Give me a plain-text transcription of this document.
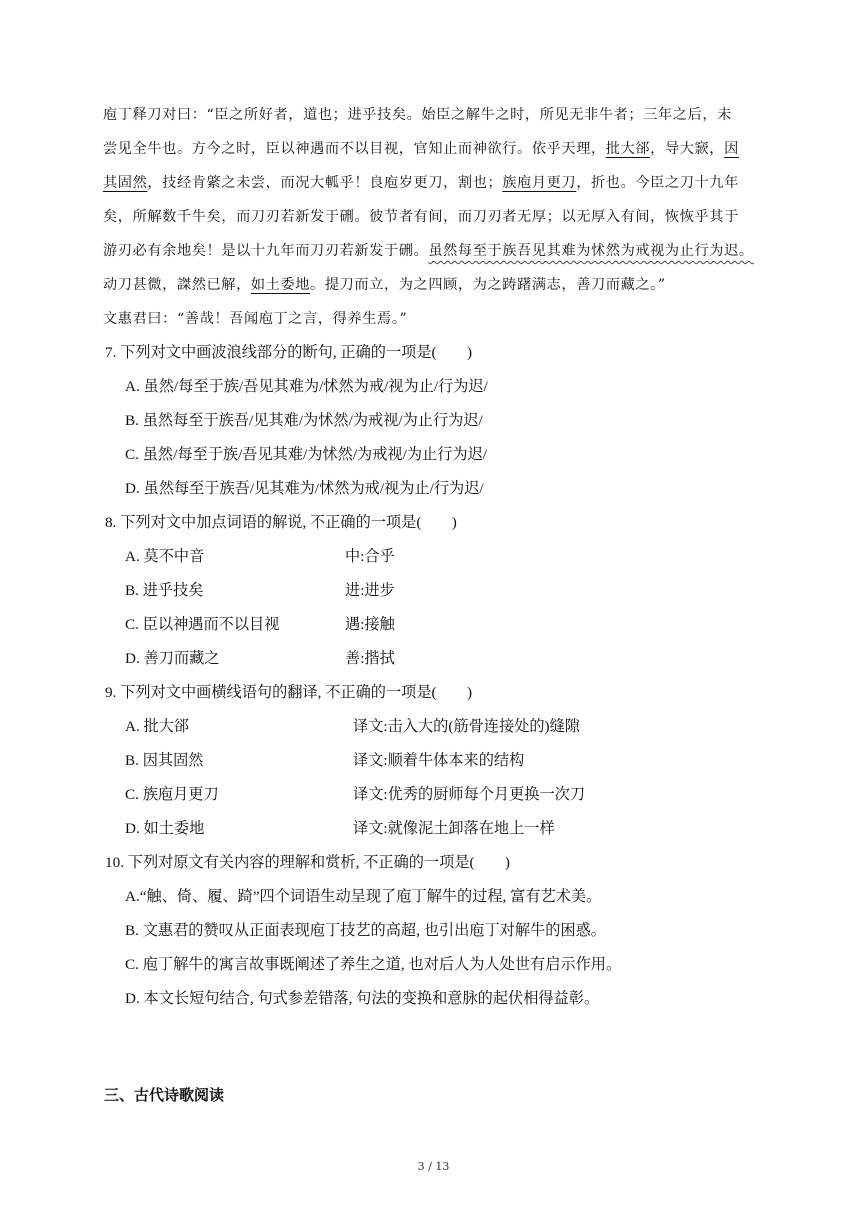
庖丁释刀对曰：“臣之所好者，道也；进乎技矣。始臣之解牛之时，所见无非牛者；三年之后，未

尝见全牛也。方今之时，臣以神遇而不以目视，官知止而神欲行。依乎天理，批大郤，导大窾，因

其固然，技经肯綮之未尝，而况大軱乎！良庖岁更刀，割也；族庖月更刀，折也。今臣之刀十九年

矣，所解数千牛矣，而刀刃若新发于硎。彼节者有间，而刀刃者无厚；以无厚入有间，恢恢乎其于

游刃必有余地矣！是以十九年而刀刃若新发于硎。虽然每至于族吾见其难为怵然为戒视为止行为迟。

动刀甚微，謋然已解，如土委地。提刀而立，为之四顾，为之踌躇满志，善刀而藏之。”

文惠君曰：“善哉！吾闻庖丁之言，得养生焉。”

7. 下列对文中画波浪线部分的断句, 正确的一项是(　　)
A. 虽然/每至于族/吾见其难为/怵然为戒/视为止/行为迟/
B. 虽然每至于族吾/见其难/为怵然/为戒视/为止行为迟/
C. 虽然/每至于族/吾见其难/为怵然/为戒视/为止行为迟/
D. 虽然每至于族吾/见其难为/怵然为戒/视为止/行为迟/
8. 下列对文中加点词语的解说, 不正确的一项是(　　)
A. 莫不中音	中:合乎
B. 进乎技矣	进:进步
C. 臣以神遇而不以目视	遇:接触
D. 善刀而藏之	善:揩拭
9. 下列对文中画横线语句的翻译, 不正确的一项是(　　)
A. 批大郤	译文:击入大的(筋骨连接处的)缝隙
B. 因其固然	译文:顺着牛体本来的结构
C. 族庖月更刀	译文:优秀的厨师每个月更换一次刀
D. 如土委地	译文:就像泥土卸落在地上一样
10. 下列对原文有关内容的理解和赏析, 不正确的一项是(　　)
A.“触、倚、履、踦”四个词语生动呈现了庖丁解牛的过程, 富有艺术美。
B. 文惠君的赞叹从正面表现庖丁技艺的高超, 也引出庖丁对解牛的困惑。
C. 庖丁解牛的寓言故事既阐述了养生之道, 也对后人为人处世有启示作用。
D. 本文长短句结合, 句式参差错落, 句法的变换和意脉的起伏相得益彰。
三、古代诗歌阅读
3 / 13
